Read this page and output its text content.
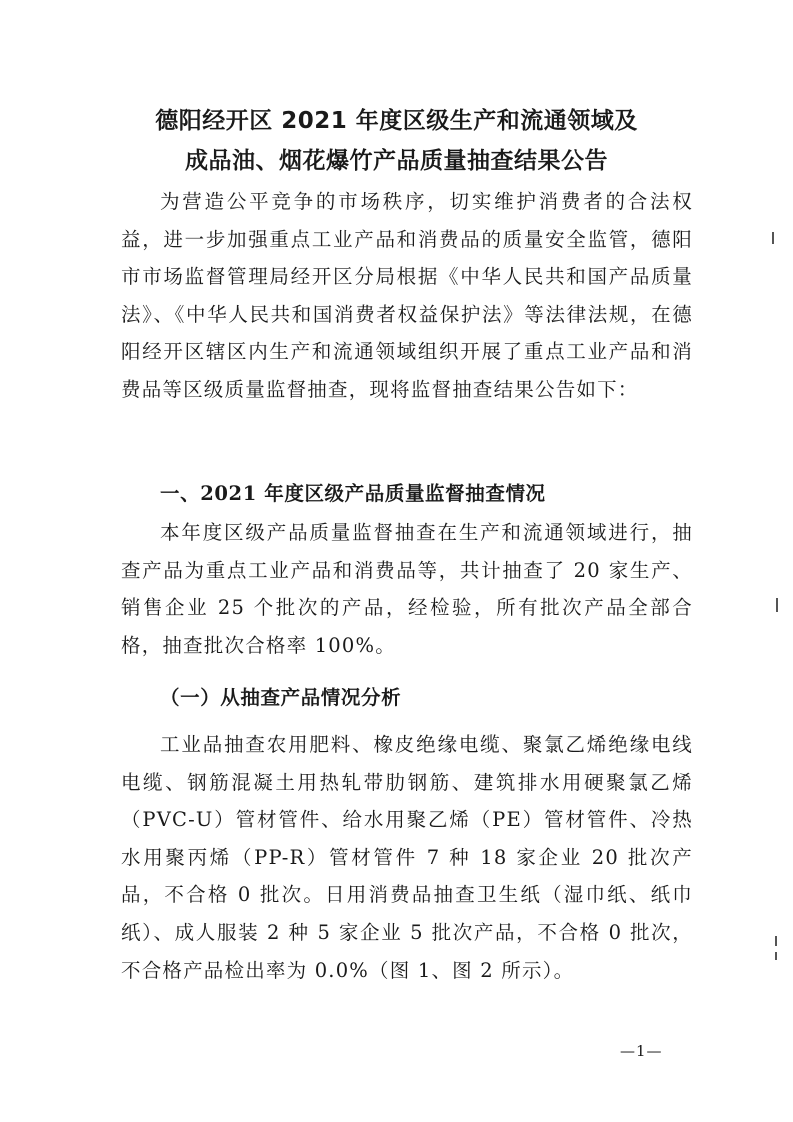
德阳经开区 2021 年度区级生产和流通领域及
成品油、烟花爆竹产品质量抽查结果公告

为营造公平竞争的市场秩序，切实维护消费者的合法权益，进一步加强重点工业产品和消费品的质量安全监管，德阳市市场监督管理局经开区分局根据《中华人民共和国产品质量法》、《中华人民共和国消费者权益保护法》等法律法规，在德阳经开区辖区内生产和流通领域组织开展了重点工业产品和消费品等区级质量监督抽查，现将监督抽查结果公告如下：

一、2021 年度区级产品质量监督抽查情况

本年度区级产品质量监督抽查在生产和流通领域进行，抽查产品为重点工业产品和消费品等，共计抽查了 20 家生产、销售企业 25 个批次的产品，经检验，所有批次产品全部合格，抽查批次合格率 100%。

（一）从抽查产品情况分析

工业品抽查农用肥料、橡皮绝缘电缆、聚氯乙烯绝缘电线电缆、钢筋混凝土用热轧带肋钢筋、建筑排水用硬聚氯乙烯（PVC-U）管材管件、给水用聚乙烯（PE）管材管件、冷热水用聚丙烯（PP-R）管材管件 7 种 18 家企业 20 批次产品，不合格 0 批次。日用消费品抽查卫生纸（湿巾纸、纸巾纸）、成人服装 2 种 5 家企业 5 批次产品，不合格 0 批次，不合格产品检出率为 0.0%（图 1、图 2 所示）。

—1—
